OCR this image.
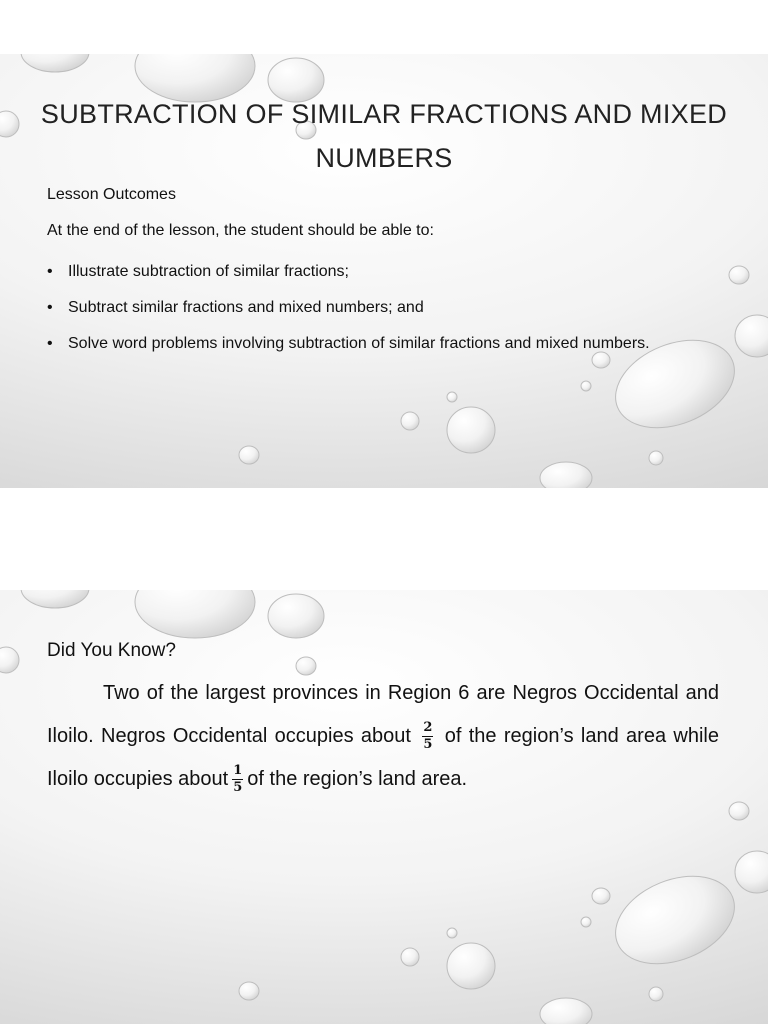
SUBTRACTION OF SIMILAR FRACTIONS AND MIXED NUMBERS
Lesson Outcomes
At the end of the lesson, the student should be able to:
• Illustrate subtraction of similar fractions;
• Subtract similar fractions and mixed numbers; and
• Solve word problems involving subtraction of similar fractions and mixed numbers.
Did You Know?
Two of the largest provinces in Region 6 are Negros Occidental and Iloilo. Negros Occidental occupies about $\frac{2}{5}$ of the region’s land area while Iloilo occupies about $\frac{1}{5}$ of the region’s land area.
